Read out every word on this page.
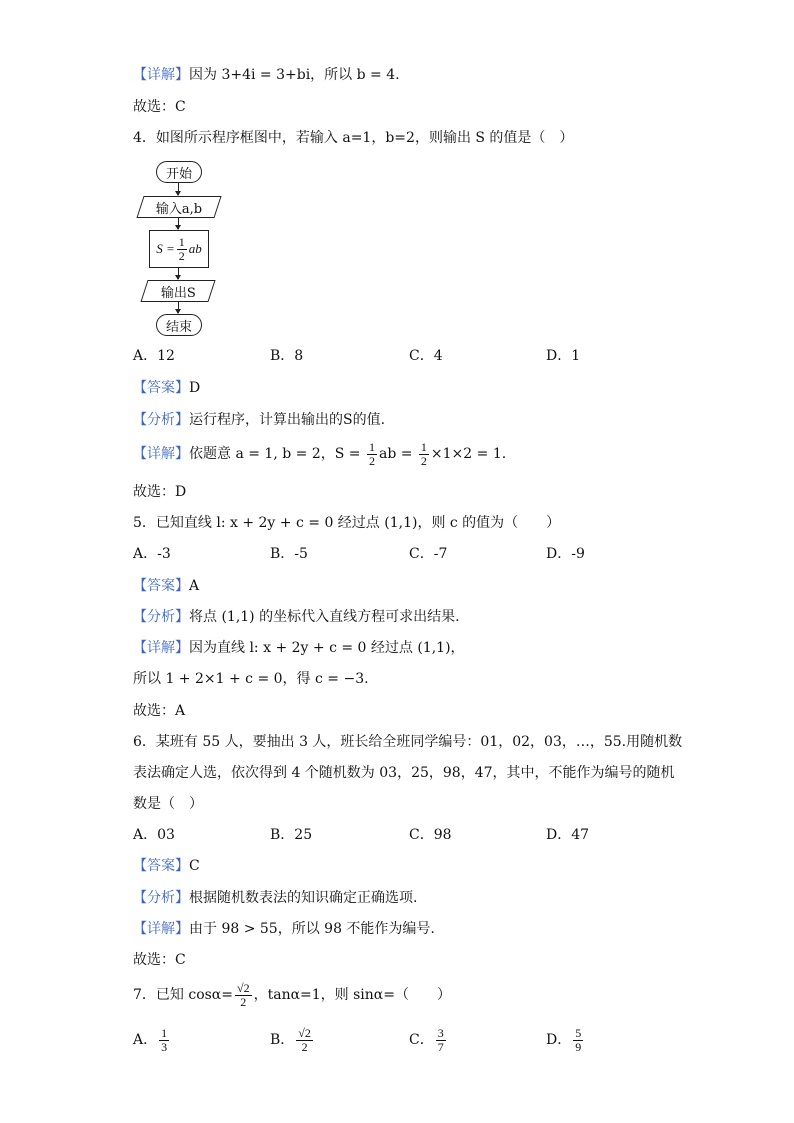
【详解】因为 3+4i = 3+bi，所以 b = 4.
故选：C
4．如图所示程序框图中，若输入 a=1，b=2，则输出 S 的值是（　）
开始
输入a,b
$S = \frac{1}{2}$ ab
输出S
结束
A．12	B．8	C．4	D．1
【答案】D
【分析】运行程序，计算出输出的S的值.
【详解】依题意 a = 1, b = 2，$S = \frac{1}{2}$ ab = $\frac{1}{2} \times 1\times 2 = 1$.
故选：D
5．已知直线 l: x + 2y + c = 0 经过点 (1,1)，则 c 的值为（　　）
A．-3	B．-5	C．-7	D．-9
【答案】A
【分析】将点 (1,1) 的坐标代入直线方程可求出结果.
【详解】因为直线 l: x + 2y + c = 0 经过点 (1,1)，
所以 1 + 2×1 + c = 0，得 c = −3.
故选：A
6．某班有 55 人，要抽出 3 人，班长给全班同学编号：01，02，03，…，55.用随机数
表法确定人选，依次得到 4 个随机数为 03，25，98，47，其中，不能作为编号的随机
数是（　）
A．03	B．25	C．98	D．47
【答案】C
【分析】根据随机数表法的知识确定正确选项.
【详解】由于 98 > 55，所以 98 不能作为编号.
故选：C
7．已知 $\cos\alpha= \frac{√2}{2}$ ，tanα=1，则 sinα=（　　）
A． $\frac{1}{3}$	B． $\frac{√2}{2}$	C． $\frac{3}{7}$	D． $\frac{5}{9}$
